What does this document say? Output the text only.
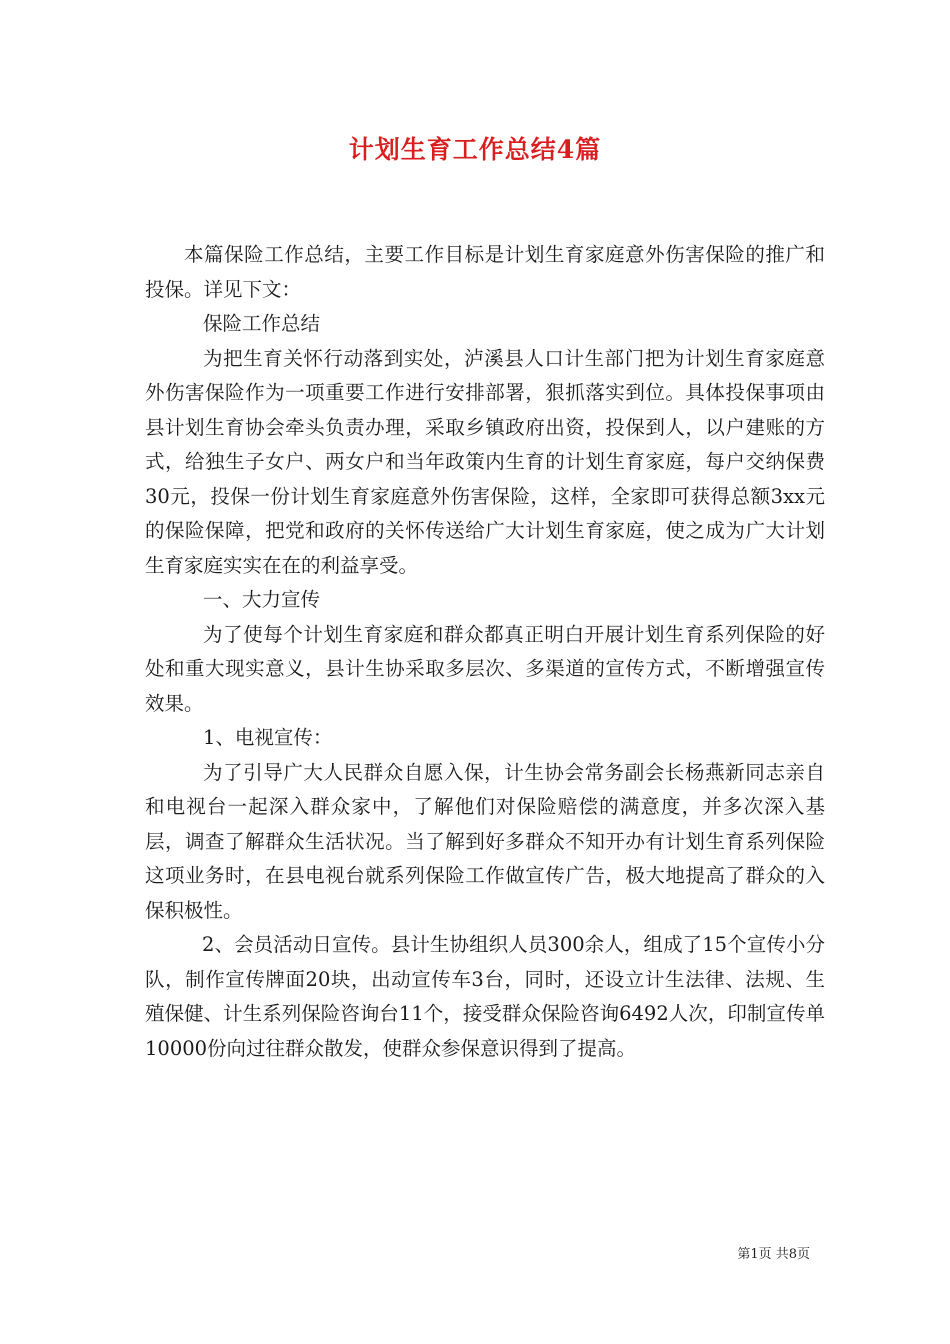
计划生育工作总结4篇

本篇保险工作总结，主要工作目标是计划生育家庭意外伤害保险的推广和投保。详见下文：

保险工作总结

为把生育关怀行动落到实处，泸溪县人口计生部门把为计划生育家庭意外伤害保险作为一项重要工作进行安排部署，狠抓落实到位。具体投保事项由县计划生育协会牵头负责办理，采取乡镇政府出资，投保到人，以户建账的方式，给独生子女户、两女户和当年政策内生育的计划生育家庭，每户交纳保费30元，投保一份计划生育家庭意外伤害保险，这样，全家即可获得总额3xx元的保险保障，把党和政府的关怀传送给广大计划生育家庭，使之成为广大计划生育家庭实实在在的利益享受。

一、大力宣传

为了使每个计划生育家庭和群众都真正明白开展计划生育系列保险的好处和重大现实意义，县计生协采取多层次、多渠道的宣传方式，不断增强宣传效果。

1、电视宣传：

为了引导广大人民群众自愿入保，计生协会常务副会长杨燕新同志亲自和电视台一起深入群众家中，了解他们对保险赔偿的满意度，并多次深入基层，调查了解群众生活状况。当了解到好多群众不知开办有计划生育系列保险这项业务时，在县电视台就系列保险工作做宣传广告，极大地提高了群众的入保积极性。

2、会员活动日宣传。县计生协组织人员300余人，组成了15个宣传小分队，制作宣传牌面20块，出动宣传车3台，同时，还设立计生法律、法规、生殖保健、计生系列保险咨询台11个，接受群众保险咨询6492人次，印制宣传单10000份向过往群众散发，使群众参保意识得到了提高。

第1页 共8页
